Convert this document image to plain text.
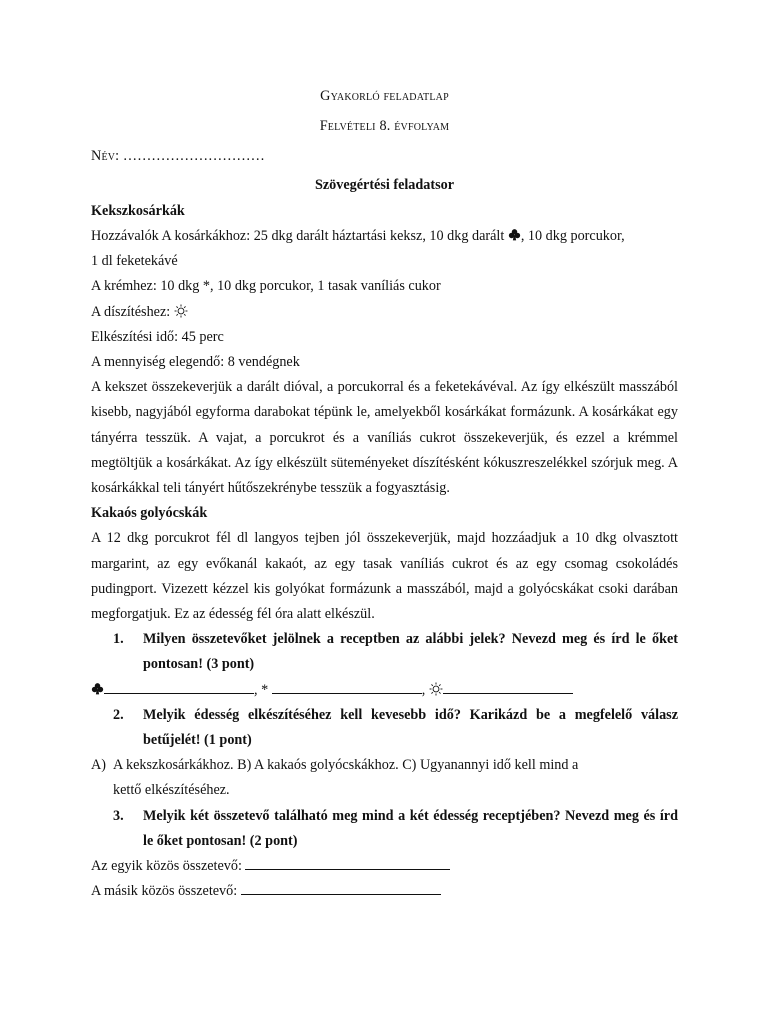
Gyakorló feladatlap

Felvételi 8. évfolyam

Név: …………………………

Szövegértési feladatsor

Kekszkosárkák

Hozzávalók A kosárkákhoz: 25 dkg darált háztartási keksz, 10 dkg darált , 10 dkg porcukor,
1 dl feketekávé

A krémhez: 10 dkg *, 10 dkg porcukor, 1 tasak vaníliás cukor

A díszítéshez:

Elkészítési idő: 45 perc

A mennyiség elegendő: 8 vendégnek

A kekszet összekeverjük a darált dióval, a porcukorral és a feketekávéval. Az így elkészült masszából kisebb, nagyjából egyforma darabokat tépünk le, amelyekből kosárkákat formázunk. A kosárkákat egy tányérra tesszük. A vajat, a porcukrot és a vaníliás cukrot összekeverjük, és ezzel a krémmel megtöltjük a kosárkákat. Az így elkészült süteményeket díszítésként kókuszreszelékkel szórjuk meg. A kosárkákkal teli tányért hűtőszekrénybe tesszük a fogyasztásig.

Kakaós golyócskák

A 12 dkg porcukrot fél dl langyos tejben jól összekeverjük, majd hozzáadjuk a 10 dkg olvasztott margarint, az egy evőkanál kakaót, az egy tasak vaníliás cukrot és az egy csomag csokoládés pudingport. Vizezett kézzel kis golyókat formázunk a masszából, majd a golyócskákat csoki darában megforgatjuk. Ez az édesség fél óra alatt elkészül.

1. Milyen összetevőket jelölnek a receptben az alábbi jelek? Nevezd meg és írd le őket pontosan! (3 pont)

, *	,

2. Melyik édesség elkészítéséhez kell kevesebb idő? Karikázd be a megfelelő válasz betűjelét! (1 pont)
A) A kekszkosárkákhoz. B) A kakaós golyócskákhoz. C) Ugyanannyi idő kell mind a
kettő elkészítéséhez.
3. Melyik két összetevő található meg mind a két édesség receptjében? Nevezd meg és írd le őket pontosan! (2 pont)

Az egyik közös összetevő:

A másik közös összetevő:
